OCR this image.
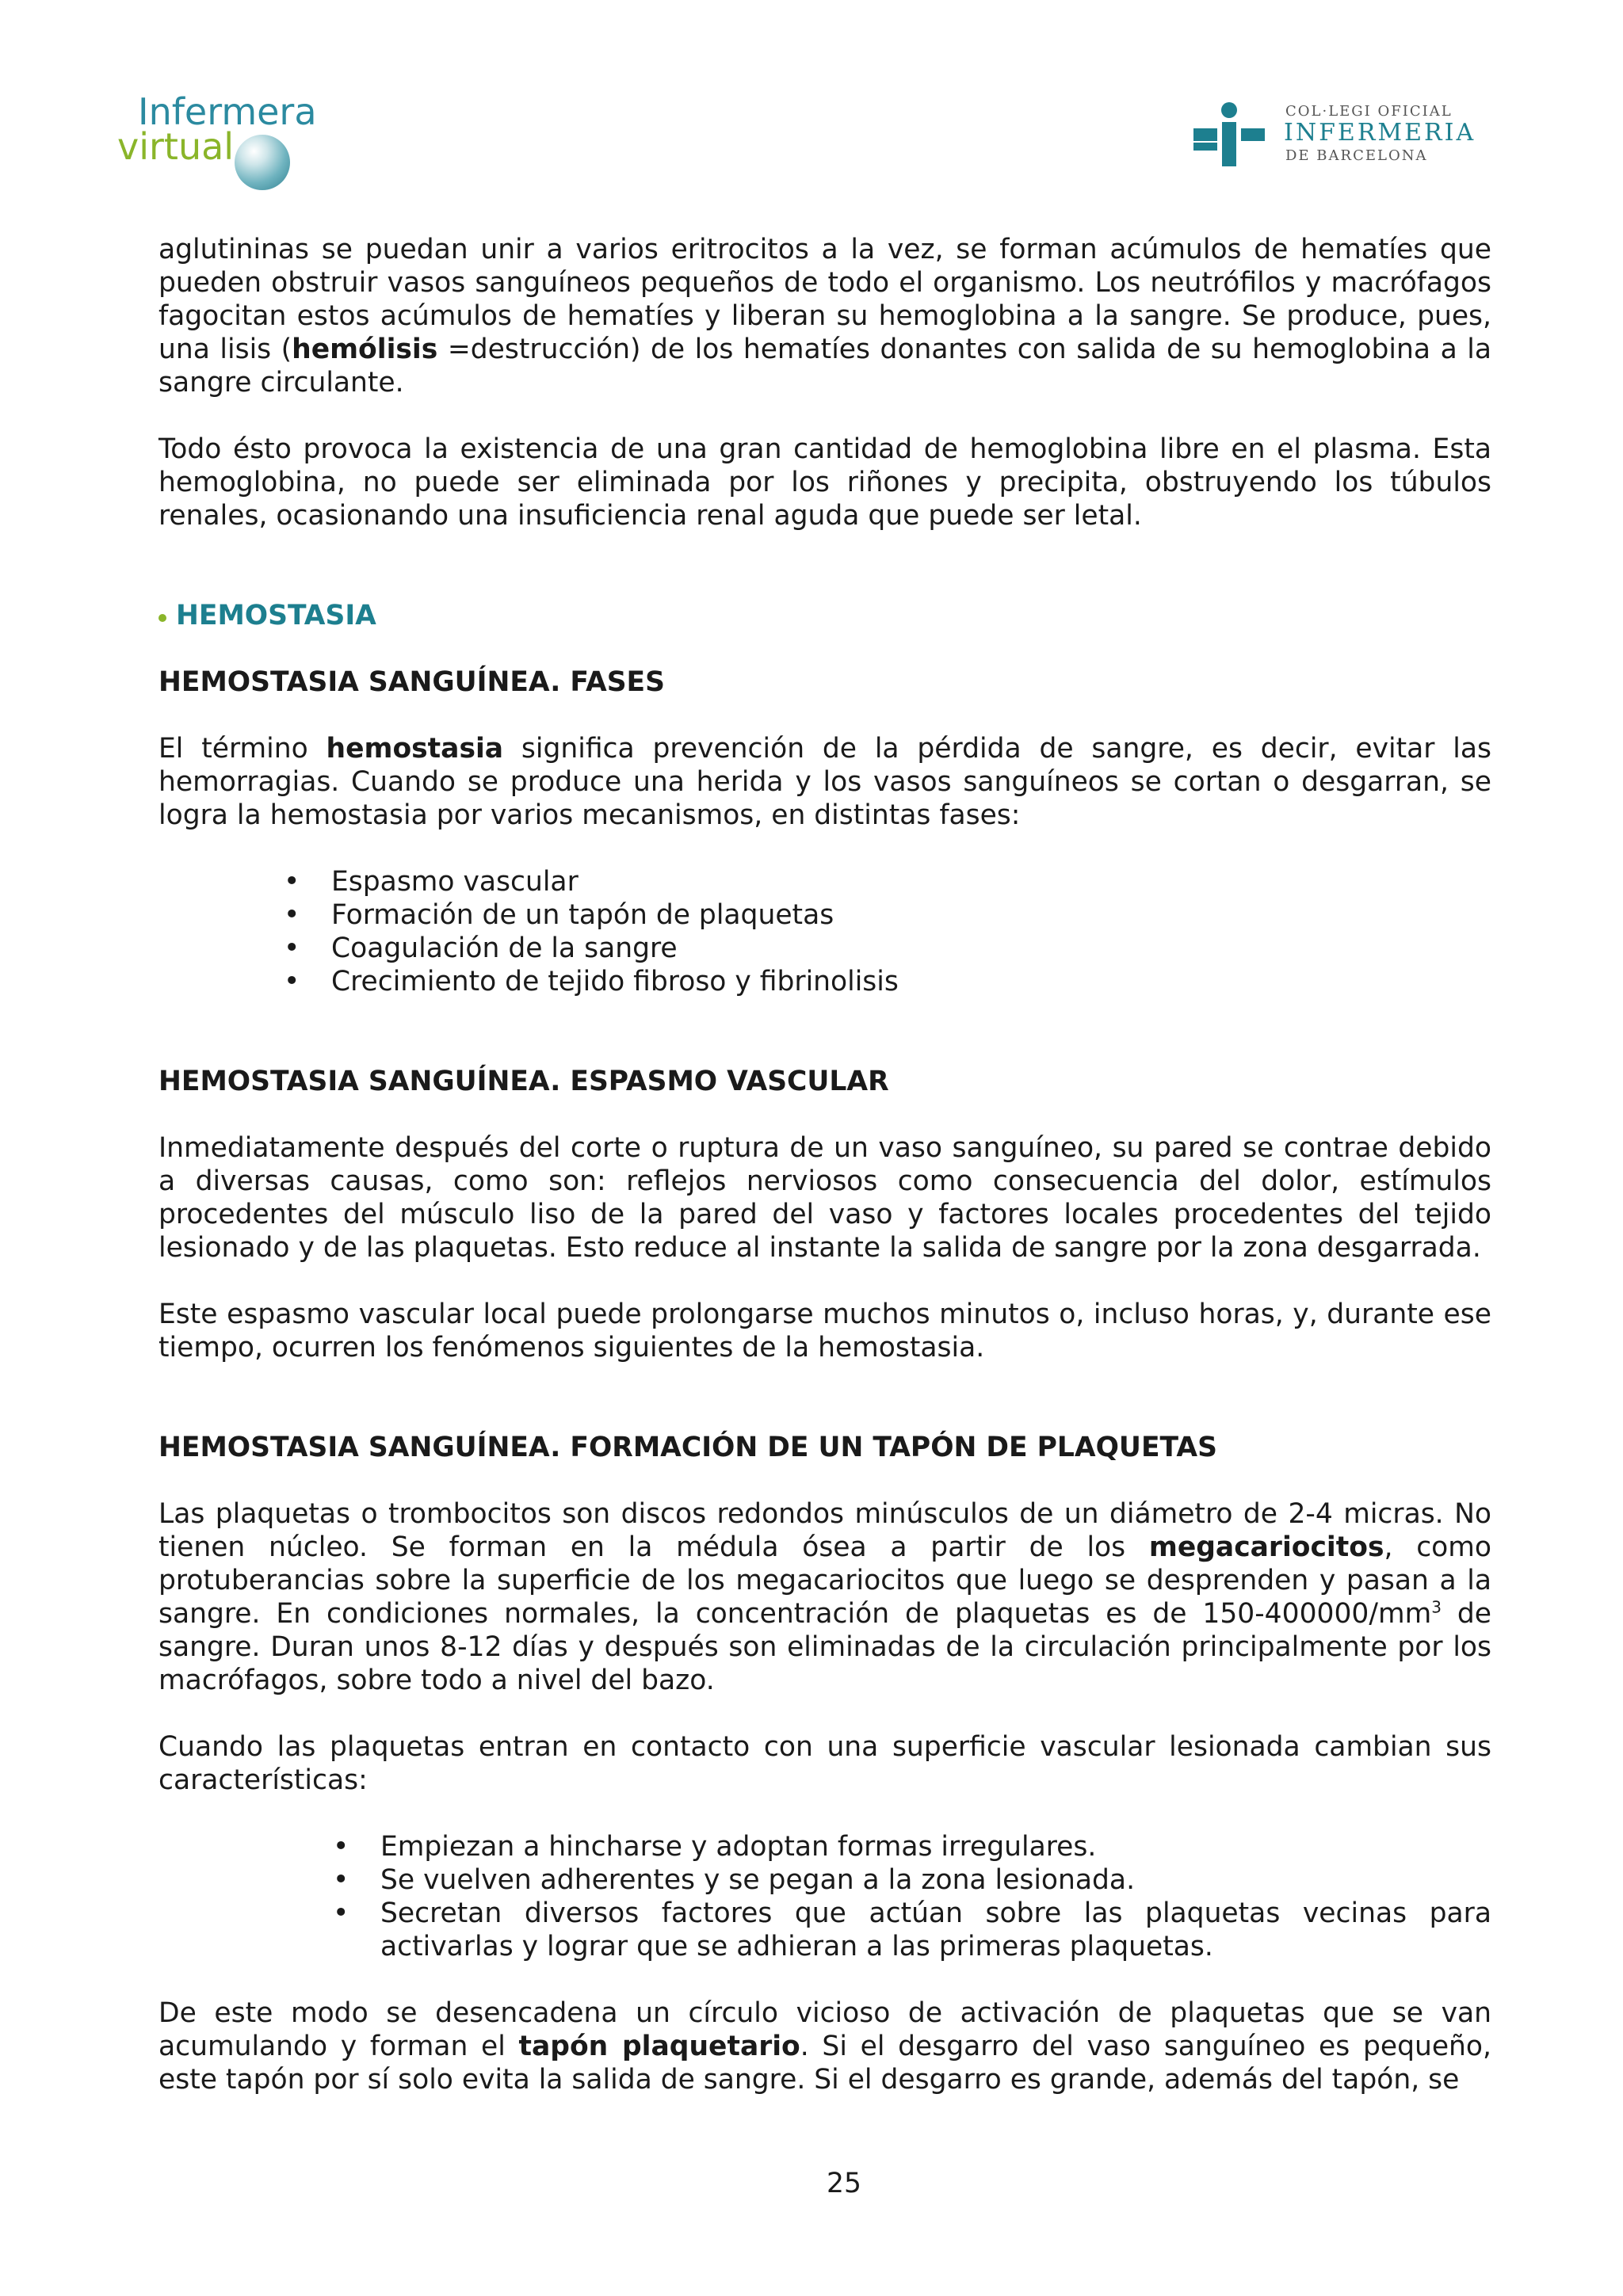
Infermera
virtual
COL·LEGI OFICIAL
INFERMERIA
DE BARCELONA

aglutininas se puedan unir a varios eritrocitos a la vez, se forman acúmulos de hematíes que pueden obstruir vasos sanguíneos pequeños de todo el organismo. Los neutrófilos y macrófagos fagocitan estos acúmulos de hematíes y liberan su hemoglobina a la sangre. Se produce, pues, una lisis (hemólisis =destrucción) de los hematíes donantes con salida de su hemoglobina a la sangre circulante.

Todo ésto provoca la existencia de una gran cantidad de hemoglobina libre en el plasma. Esta hemoglobina, no puede ser eliminada por los riñones y precipita, obstruyendo los túbulos renales, ocasionando una insuficiencia renal aguda que puede ser letal.

HEMOSTASIA
HEMOSTASIA SANGUÍNEA. FASES

El término hemostasia significa prevención de la pérdida de sangre, es decir, evitar las hemorragias. Cuando se produce una herida y los vasos sanguíneos se cortan o desgarran, se logra la hemostasia por varios mecanismos, en distintas fases:

• Espasmo vascular
• Formación de un tapón de plaquetas
• Coagulación de la sangre
• Crecimiento de tejido fibroso y fibrinolisis
HEMOSTASIA SANGUÍNEA. ESPASMO VASCULAR

Inmediatamente después del corte o ruptura de un vaso sanguíneo, su pared se contrae debido a diversas causas, como son: reflejos nerviosos como consecuencia del dolor, estímulos procedentes del músculo liso de la pared del vaso y factores locales procedentes del tejido lesionado y de las plaquetas. Esto reduce al instante la salida de sangre por la zona desgarrada.

Este espasmo vascular local puede prolongarse muchos minutos o, incluso horas, y, durante ese tiempo, ocurren los fenómenos siguientes de la hemostasia.

HEMOSTASIA SANGUÍNEA. FORMACIÓN DE UN TAPÓN DE PLAQUETAS

Las plaquetas o trombocitos son discos redondos minúsculos de un diámetro de 2-4 micras. No tienen núcleo. Se forman en la médula ósea a partir de los megacariocitos, como protuberancias sobre la superficie de los megacariocitos que luego se desprenden y pasan a la sangre. En condiciones normales, la concentración de plaquetas es de $150-400000/mm^3$ de sangre. Duran unos 8-12 días y después son eliminadas de la circulación principalmente por los macrófagos, sobre todo a nivel del bazo.

Cuando las plaquetas entran en contacto con una superficie vascular lesionada cambian sus características:

• Empiezan a hincharse y adoptan formas irregulares.
• Se vuelven adherentes y se pegan a la zona lesionada.
• Secretan diversos factores que actúan sobre las plaquetas vecinas para activarlas y lograr que se adhieran a las primeras plaquetas.

De este modo se desencadena un círculo vicioso de activación de plaquetas que se van acumulando y forman el tapón plaquetario. Si el desgarro del vaso sanguíneo es pequeño, este tapón por sí solo evita la salida de sangre. Si el desgarro es grande, además del tapón, se

25
